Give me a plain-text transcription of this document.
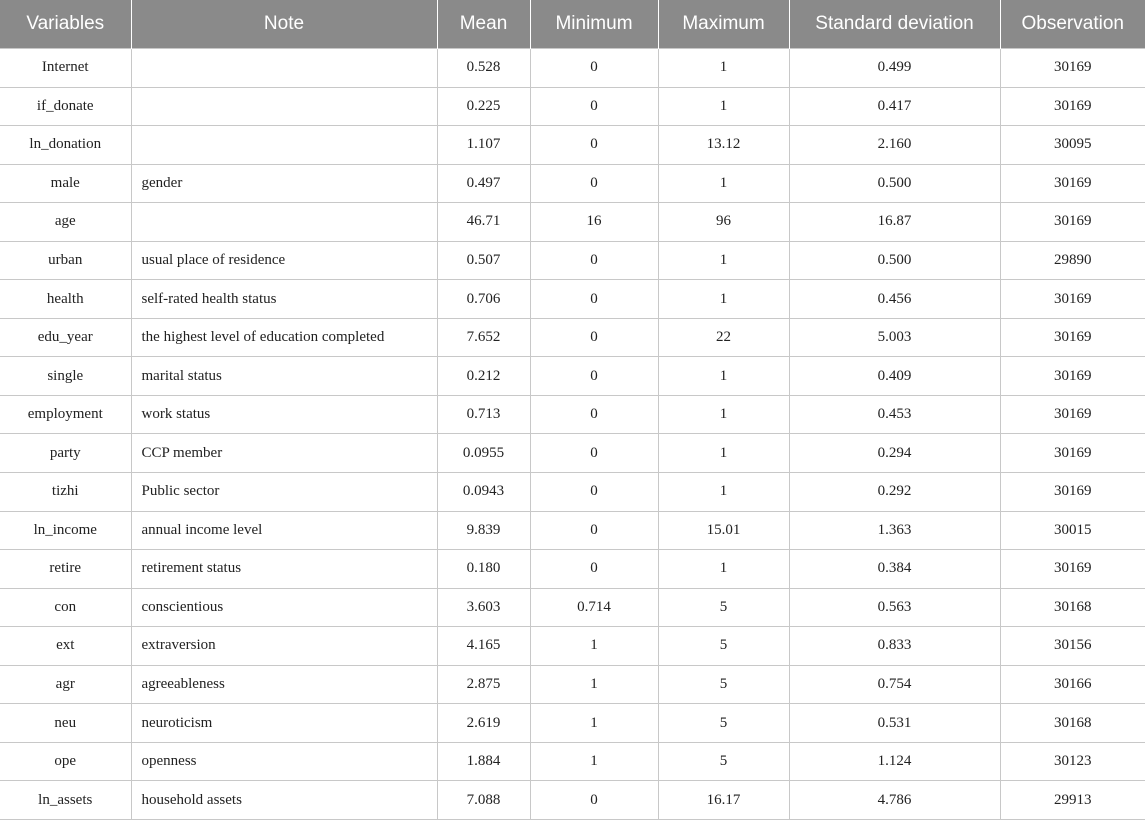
Variables	Note	Mean	Minimum	Maximum	Standard deviation	Observation
Internet		0.528	0	1	0.499	30169
if_donate		0.225	0	1	0.417	30169
ln_donation		1.107	0	13.12	2.160	30095
male	gender	0.497	0	1	0.500	30169
age		46.71	16	96	16.87	30169
urban	usual place of residence	0.507	0	1	0.500	29890
health	self-rated health status	0.706	0	1	0.456	30169
edu_year	the highest level of education completed	7.652	0	22	5.003	30169
single	marital status	0.212	0	1	0.409	30169
employment	work status	0.713	0	1	0.453	30169
party	CCP member	0.0955	0	1	0.294	30169
tizhi	Public sector	0.0943	0	1	0.292	30169
ln_income	annual income level	9.839	0	15.01	1.363	30015
retire	retirement status	0.180	0	1	0.384	30169
con	conscientious	3.603	0.714	5	0.563	30168
ext	extraversion	4.165	1	5	0.833	30156
agr	agreeableness	2.875	1	5	0.754	30166
neu	neuroticism	2.619	1	5	0.531	30168
ope	openness	1.884	1	5	1.124	30123
ln_assets	household assets	7.088	0	16.17	4.786	29913
